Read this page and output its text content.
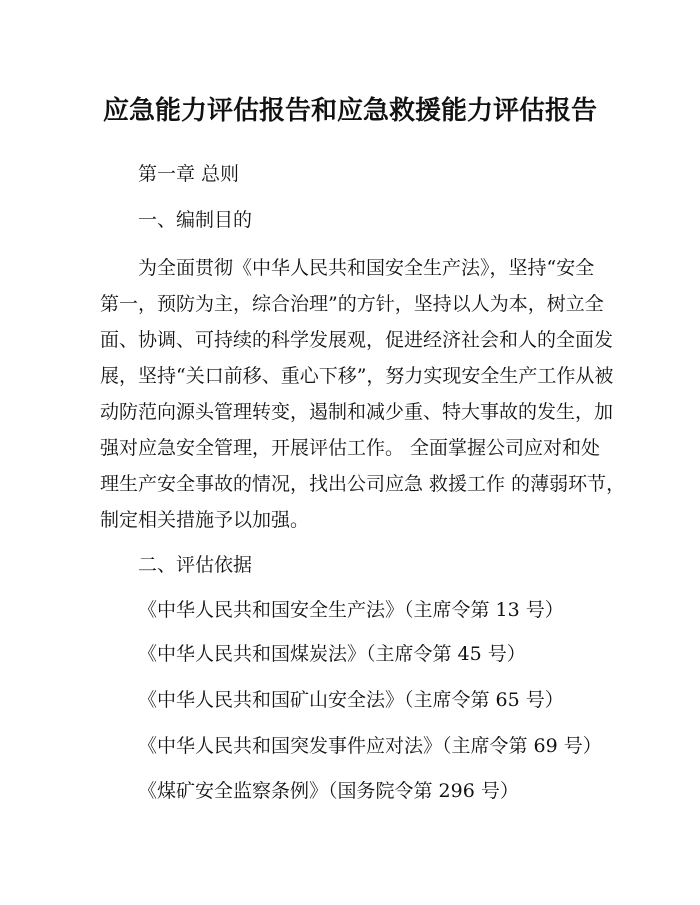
应急能力评估报告和应急救援能力评估报告
第一章 总则
一、编制目的
为全面贯彻《中华人民共和国安全生产法》，坚持“安全
第一，预防为主，综合治理”的方针，坚持以人为本，树立全
面、协调、可持续的科学发展观，促进经济社会和人的全面发
展，坚持“关口前移、重心下移”，努力实现安全生产工作从被
动防范向源头管理转变，遏制和减少重、特大事故的发生，加
强对应急安全管理，开展评估工作。 全面掌握公司应对和处
理生产安全事故的情况，找出公司应急 救援工作 的薄弱环节，
制定相关措施予以加强。
二、评估依据
《中华人民共和国安全生产法》（主席令第 13 号）
《中华人民共和国煤炭法》（主席令第 45 号）
《中华人民共和国矿山安全法》（主席令第 65 号）
《中华人民共和国突发事件应对法》（主席令第 69 号）
《煤矿安全监察条例》（国务院令第 296 号）
